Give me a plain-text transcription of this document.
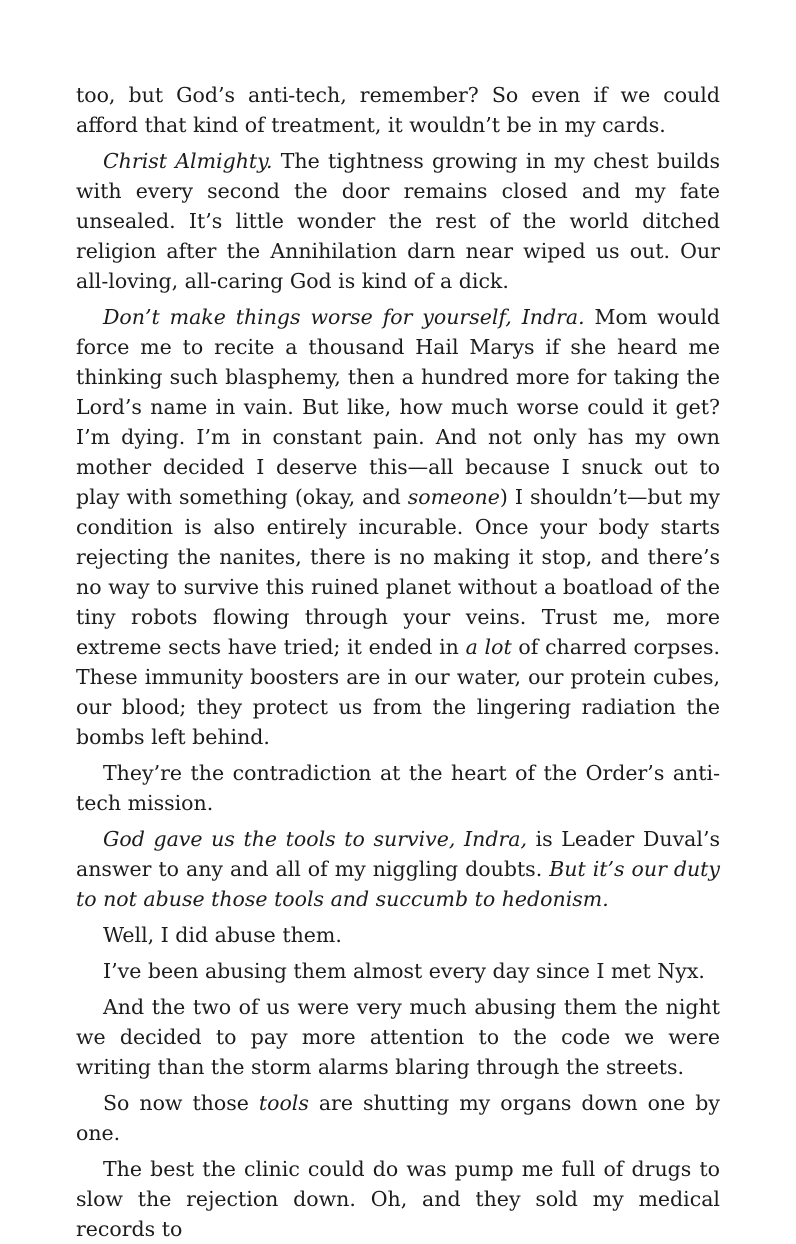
too, but God’s anti-tech, remember? So even if we could afford that kind of treatment, it wouldn’t be in my cards.

Christ Almighty. The tightness growing in my chest builds with every second the door remains closed and my fate unsealed. It’s little wonder the rest of the world ditched religion after the Annihilation darn near wiped us out. Our all-loving, all-caring God is kind of a dick.

Don’t make things worse for yourself, Indra. Mom would force me to recite a thousand Hail Marys if she heard me thinking such blasphemy, then a hundred more for taking the Lord’s name in vain. But like, how much worse could it get? I’m dying. I’m in constant pain. And not only has my own mother decided I deserve this—all because I snuck out to play with something (okay, and someone) I shouldn’t—but my condition is also entirely incurable. Once your body starts rejecting the nanites, there is no making it stop, and there’s no way to survive this ruined planet without a boatload of the tiny robots flowing through your veins. Trust me, more extreme sects have tried; it ended in a lot of charred corpses. These immunity boosters are in our water, our protein cubes, our blood; they protect us from the lingering radiation the bombs left behind.

They’re the contradiction at the heart of the Order’s anti-tech mission.

God gave us the tools to survive, Indra, is Leader Duval’s answer to any and all of my niggling doubts. But it’s our duty to not abuse those tools and succumb to hedonism.

Well, I did abuse them.

I’ve been abusing them almost every day since I met Nyx.

And the two of us were very much abusing them the night we decided to pay more attention to the code we were writing than the storm alarms blaring through the streets.

So now those tools are shutting my organs down one by one.

The best the clinic could do was pump me full of drugs to slow the rejection down. Oh, and they sold my medical records to
